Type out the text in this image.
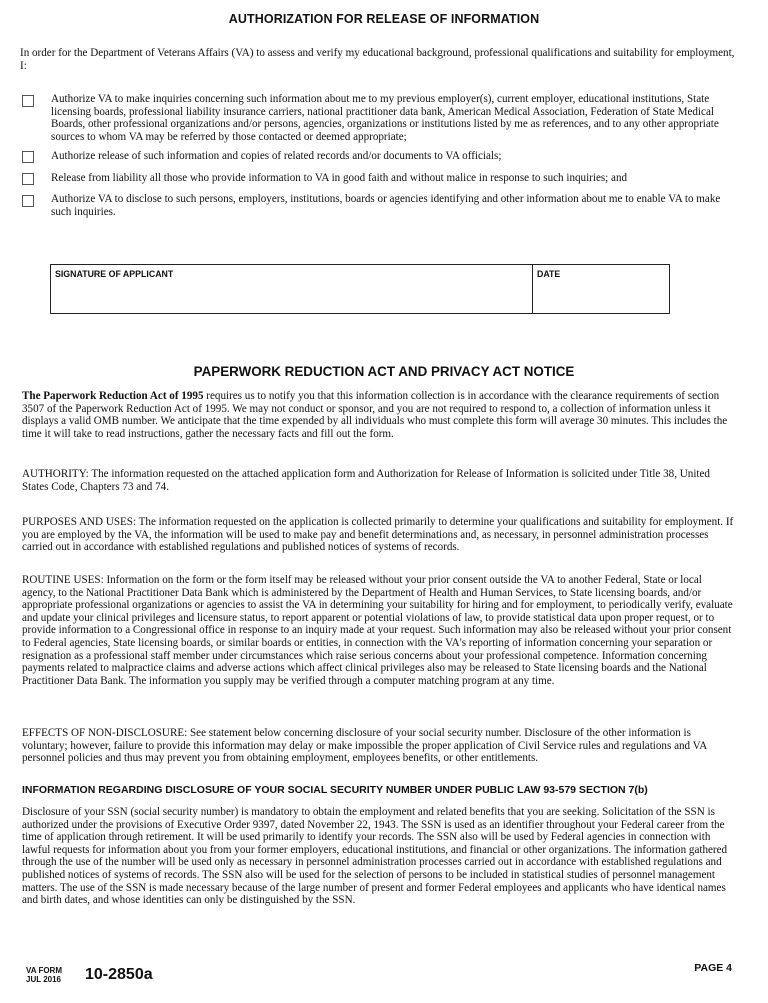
AUTHORIZATION FOR RELEASE OF INFORMATION
In order for the Department of Veterans Affairs (VA) to assess and verify my educational background, professional qualifications and suitability for employment, I:
Authorize VA to make inquiries concerning such information about me to my previous employer(s), current employer, educational institutions, State licensing boards, professional liability insurance carriers, national practitioner data bank, American Medical Association, Federation of State Medical Boards, other professional organizations and/or persons, agencies, organizations or institutions listed by me as references, and to any other appropriate sources to whom VA may be referred by those contacted or deemed appropriate;
Authorize release of such information and copies of related records and/or documents to VA officials;
Release from liability all those who provide information to VA in good faith and without malice in response to such inquiries; and
Authorize VA to disclose to such persons, employers, institutions, boards or agencies identifying and other information about me to enable VA to make such inquiries.
SIGNATURE OF APPLICANT	DATE
PAPERWORK REDUCTION ACT AND PRIVACY ACT NOTICE
The Paperwork Reduction Act of 1995 requires us to notify you that this information collection is in accordance with the clearance requirements of section 3507 of the Paperwork Reduction Act of 1995. We may not conduct or sponsor, and you are not required to respond to, a collection of information unless it displays a valid OMB number. We anticipate that the time expended by all individuals who must complete this form will average 30 minutes. This includes the time it will take to read instructions, gather the necessary facts and fill out the form.
AUTHORITY: The information requested on the attached application form and Authorization for Release of Information is solicited under Title 38, United States Code, Chapters 73 and 74.
PURPOSES AND USES: The information requested on the application is collected primarily to determine your qualifications and suitability for employment. If you are employed by the VA, the information will be used to make pay and benefit determinations and, as necessary, in personnel administration processes carried out in accordance with established regulations and published notices of systems of records.
ROUTINE USES: Information on the form or the form itself may be released without your prior consent outside the VA to another Federal, State or local agency, to the National Practitioner Data Bank which is administered by the Department of Health and Human Services, to State licensing boards, and/or appropriate professional organizations or agencies to assist the VA in determining your suitability for hiring and for employment, to periodically verify, evaluate and update your clinical privileges and licensure status, to report apparent or potential violations of law, to provide statistical data upon proper request, or to provide information to a Congressional office in response to an inquiry made at your request. Such information may also be released without your prior consent to Federal agencies, State licensing boards, or similar boards or entities, in connection with the VA's reporting of information concerning your separation or resignation as a professional staff member under circumstances which raise serious concerns about your professional competence. Information concerning payments related to malpractice claims and adverse actions which affect clinical privileges also may be released to State licensing boards and the National Practitioner Data Bank. The information you supply may be verified through a computer matching program at any time.
EFFECTS OF NON-DISCLOSURE: See statement below concerning disclosure of your social security number. Disclosure of the other information is voluntary; however, failure to provide this information may delay or make impossible the proper application of Civil Service rules and regulations and VA personnel policies and thus may prevent you from obtaining employment, employees benefits, or other entitlements.
INFORMATION REGARDING DISCLOSURE OF YOUR SOCIAL SECURITY NUMBER UNDER PUBLIC LAW 93-579 SECTION 7(b)
Disclosure of your SSN (social security number) is mandatory to obtain the employment and related benefits that you are seeking. Solicitation of the SSN is authorized under the provisions of Executive Order 9397, dated November 22, 1943. The SSN is used as an identifier throughout your Federal career from the time of application through retirement. It will be used primarily to identify your records. The SSN also will be used by Federal agencies in connection with lawful requests for information about you from your former employers, educational institutions, and financial or other organizations. The information gathered through the use of the number will be used only as necessary in personnel administration processes carried out in accordance with established regulations and published notices of systems of records. The SSN also will be used for the selection of persons to be included in statistical studies of personnel management matters. The use of the SSN is made necessary because of the large number of present and former Federal employees and applicants who have identical names and birth dates, and whose identities can only be distinguished by the SSN.
VA FORM
JUL 2016 10-2850a	PAGE 4
